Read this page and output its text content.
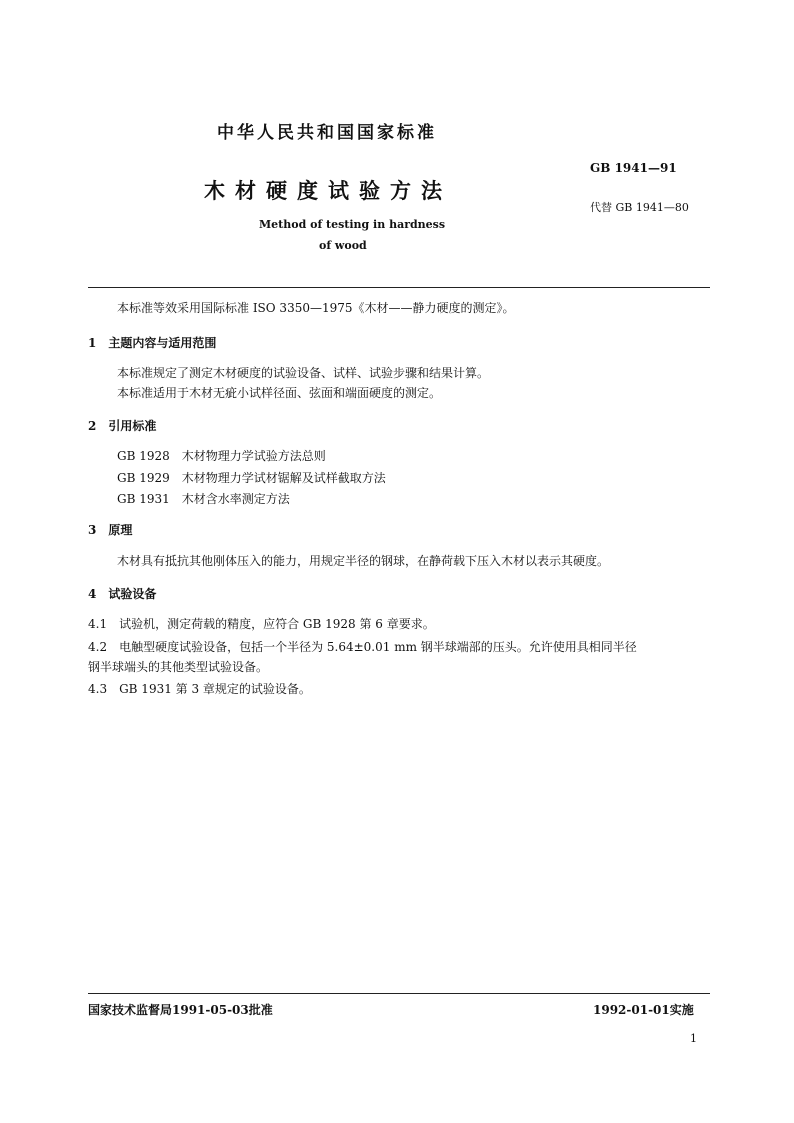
中华人民共和国国家标准
木材硬度试验方法
Method of testing in hardness
of wood
GB 1941—91
代替 GB 1941—80
本标准等效采用国际标准 ISO 3350—1975《木材——静力硬度的测定》。
1　主题内容与适用范围
本标准规定了测定木材硬度的试验设备、试样、试验步骤和结果计算。
本标准适用于木材无疵小试样径面、弦面和端面硬度的测定。
2　引用标准
GB 1928　木材物理力学试验方法总则
GB 1929　木材物理力学试材锯解及试样截取方法
GB 1931　木材含水率测定方法
3　原理
木材具有抵抗其他刚体压入的能力，用规定半径的钢球，在静荷载下压入木材以表示其硬度。
4　试验设备
4.1　试验机，测定荷载的精度，应符合 GB 1928 第 6 章要求。
4.2　电触型硬度试验设备，包括一个半径为 5.64±0.01 mm 钢半球端部的压头。允许使用具相同半径
钢半球端头的其他类型试验设备。
4.3　GB 1931 第 3 章规定的试验设备。
国家技术监督局1991-05-03批准	1992-01-01实施
1
